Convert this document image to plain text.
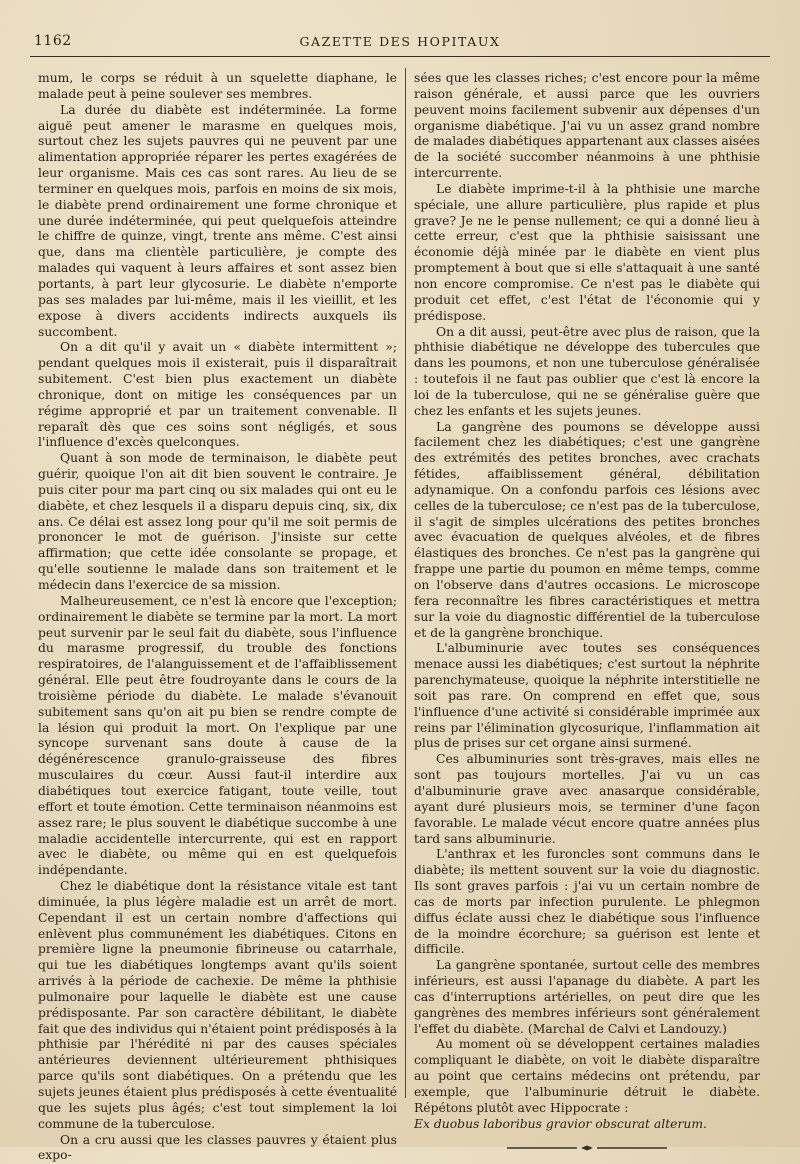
1162	GAZETTE DES HOPITAUX

mum, le corps se réduit à un squelette diaphane, le malade peut à peine soulever ses membres.

La durée du diabète est indéterminée. La forme aiguë peut amener le marasme en quelques mois, surtout chez les sujets pauvres qui ne peuvent par une alimentation appropriée réparer les pertes exagérées de leur organisme. Mais ces cas sont rares. Au lieu de se terminer en quelques mois, parfois en moins de six mois, le diabète prend ordinairement une forme chronique et une durée indéterminée, qui peut quelquefois atteindre le chiffre de quinze, vingt, trente ans même. C'est ainsi que, dans ma clientèle particulière, je compte des malades qui vaquent à leurs affaires et sont assez bien portants, à part leur glycosurie. Le diabète n'emporte pas ses malades par lui-même, mais il les vieillit, et les expose à divers accidents indirects auxquels ils succombent.

On a dit qu'il y avait un « diabète intermittent »; pendant quelques mois il existerait, puis il disparaîtrait subitement. C'est bien plus exactement un diabète chronique, dont on mitige les conséquences par un régime approprié et par un traitement convenable. Il reparaît dès que ces soins sont négligés, et sous l'influence d'excès quelconques.

Quant à son mode de terminaison, le diabète peut guérir, quoique l'on ait dit bien souvent le contraire. Je puis citer pour ma part cinq ou six malades qui ont eu le diabète, et chez lesquels il a disparu depuis cinq, six, dix ans. Ce délai est assez long pour qu'il me soit permis de prononcer le mot de guérison. J'insiste sur cette affirmation; que cette idée consolante se propage, et qu'elle soutienne le malade dans son traitement et le médecin dans l'exercice de sa mission.

Malheureusement, ce n'est là encore que l'exception; ordinairement le diabète se termine par la mort. La mort peut survenir par le seul fait du diabète, sous l'influence du marasme progressif, du trouble des fonctions respiratoires, de l'alanguissement et de l'affaiblissement général. Elle peut être foudroyante dans le cours de la troisième période du diabète. Le malade s'évanouit subitement sans qu'on ait pu bien se rendre compte de la lésion qui produit la mort. On l'explique par une syncope survenant sans doute à cause de la dégénérescence granulo-graisseuse des fibres musculaires du cœur. Aussi faut-il interdire aux diabétiques tout exercice fatigant, toute veille, tout effort et toute émotion. Cette terminaison néanmoins est assez rare; le plus souvent le diabétique succombe à une maladie accidentelle intercurrente, qui est en rapport avec le diabète, ou même qui en est quelquefois indépendante.

Chez le diabétique dont la résistance vitale est tant diminuée, la plus légère maladie est un arrêt de mort. Cependant il est un certain nombre d'affections qui enlèvent plus communément les diabétiques. Citons en première ligne la pneumonie fibrineuse ou catarrhale, qui tue les diabétiques longtemps avant qu'ils soient arrivés à la période de cachexie. De même la phthisie pulmonaire pour laquelle le diabète est une cause prédisposante. Par son caractère débilitant, le diabète fait que des individus qui n'étaient point prédisposés à la phthisie par l'hérédité ni par des causes spéciales antérieures deviennent ultérieurement phthisiques parce qu'ils sont diabétiques. On a prétendu que les sujets jeunes étaient plus prédisposés à cette éventualité que les sujets plus âgés; c'est tout simplement la loi commune de la tuberculose.

On a cru aussi que les classes pauvres y étaient plus expo-

sées que les classes riches; c'est encore pour la même raison générale, et aussi parce que les ouvriers peuvent moins facilement subvenir aux dépenses d'un organisme diabétique. J'ai vu un assez grand nombre de malades diabétiques appartenant aux classes aisées de la société succomber néanmoins à une phthisie intercurrente.

Le diabète imprime-t-il à la phthisie une marche spéciale, une allure particulière, plus rapide et plus grave? Je ne le pense nullement; ce qui a donné lieu à cette erreur, c'est que la phthisie saisissant une économie déjà minée par le diabète en vient plus promptement à bout que si elle s'attaquait à une santé non encore compromise. Ce n'est pas le diabète qui produit cet effet, c'est l'état de l'économie qui y prédispose.

On a dit aussi, peut-être avec plus de raison, que la phthisie diabétique ne développe des tubercules que dans les poumons, et non une tuberculose généralisée : toutefois il ne faut pas oublier que c'est là encore la loi de la tuberculose, qui ne se généralise guère que chez les enfants et les sujets jeunes.

La gangrène des poumons se développe aussi facilement chez les diabétiques; c'est une gangrène des extrémités des petites bronches, avec crachats fétides, affaiblissement général, débilitation adynamique. On a confondu parfois ces lésions avec celles de la tuberculose; ce n'est pas de la tuberculose, il s'agit de simples ulcérations des petites bronches avec évacuation de quelques alvéoles, et de fibres élastiques des bronches. Ce n'est pas la gangrène qui frappe une partie du poumon en même temps, comme on l'observe dans d'autres occasions. Le microscope fera reconnaître les fibres caractéristiques et mettra sur la voie du diagnostic différentiel de la tuberculose et de la gangrène bronchique.

L'albuminurie avec toutes ses conséquences menace aussi les diabétiques; c'est surtout la néphrite parenchymateuse, quoique la néphrite interstitielle ne soit pas rare. On comprend en effet que, sous l'influence d'une activité si considérable imprimée aux reins par l'élimination glycosurique, l'inflammation ait plus de prises sur cet organe ainsi surmené.

Ces albuminuries sont très-graves, mais elles ne sont pas toujours mortelles. J'ai vu un cas d'albuminurie grave avec anasarque considérable, ayant duré plusieurs mois, se terminer d'une façon favorable. Le malade vécut encore quatre années plus tard sans albuminurie.

L'anthrax et les furoncles sont communs dans le diabète; ils mettent souvent sur la voie du diagnostic. Ils sont graves parfois : j'ai vu un certain nombre de cas de morts par infection purulente. Le phlegmon diffus éclate aussi chez le diabétique sous l'influence de la moindre écorchure; sa guérison est lente et difficile.

La gangrène spontanée, surtout celle des membres inférieurs, est aussi l'apanage du diabète. A part les cas d'interruptions artérielles, on peut dire que les gangrènes des membres inférieurs sont généralement l'effet du diabète. (Marchal de Calvi et Landouzy.)

Au moment où se développent certaines maladies compliquant le diabète, on voit le diabète disparaître au point que certains médecins ont prétendu, par exemple, que l'albuminurie détruit le diabète. Répétons plutôt avec Hippocrate :

Ex duobus laboribus gravior obscurat alterum.
